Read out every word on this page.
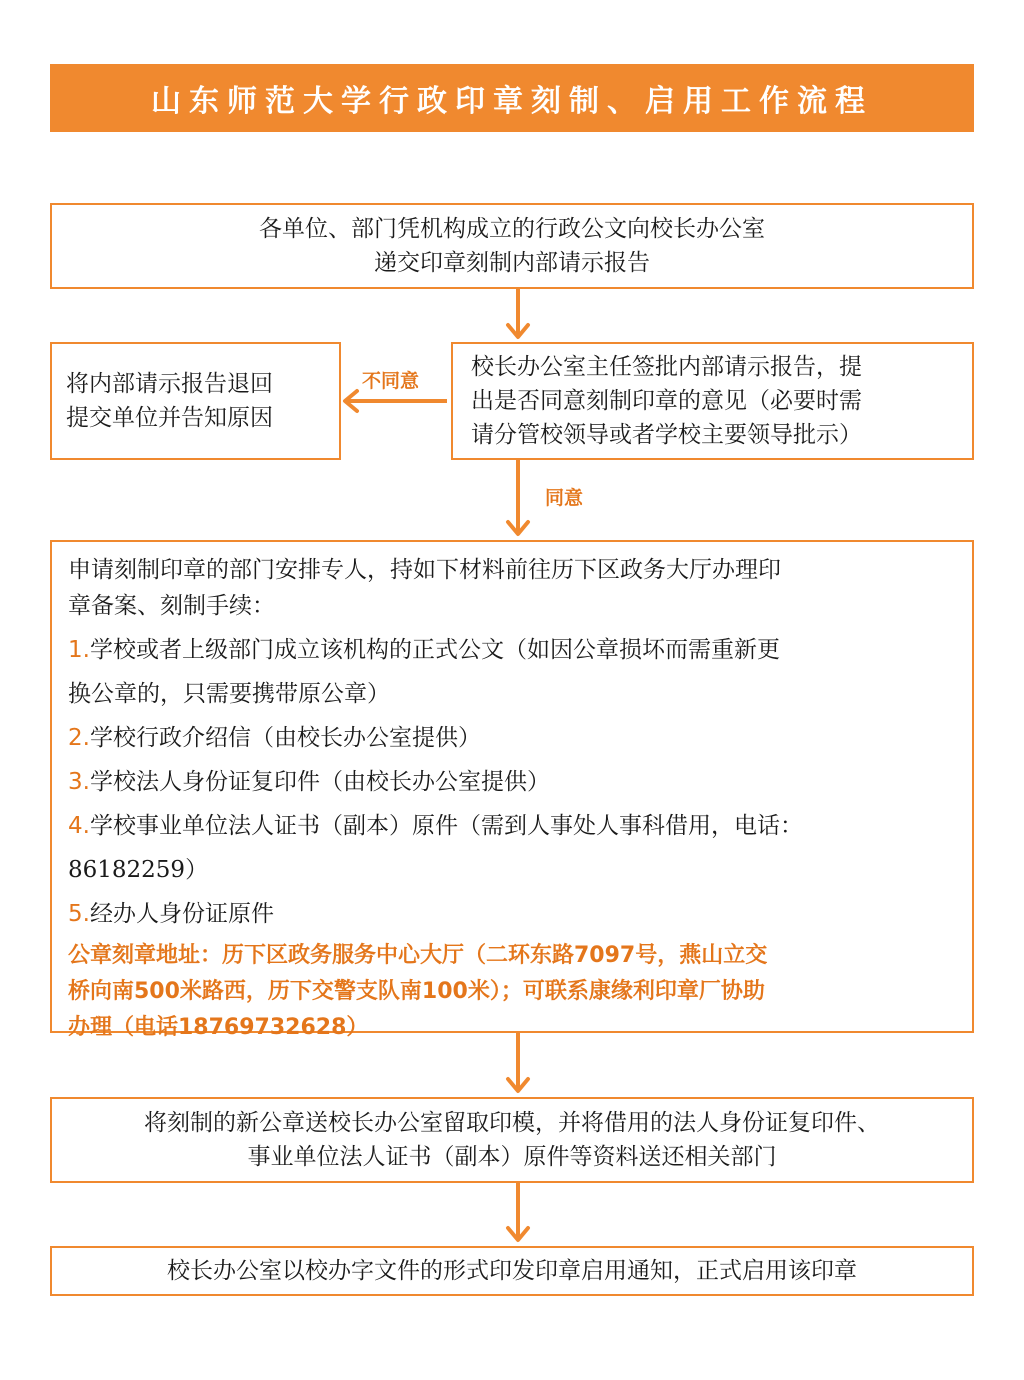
山东师范大学行政印章刻制、启用工作流程
各单位、部门凭机构成立的行政公文向校长办公室
递交印章刻制内部请示报告
将内部请示报告退回
提交单位并告知原因
校长办公室主任签批内部请示报告，提
出是否同意刻制印章的意见（必要时需
请分管校领导或者学校主要领导批示）
不同意
同意
申请刻制印章的部门安排专人，持如下材料前往历下区政务大厅办理印
章备案、刻制手续：
1.学校或者上级部门成立该机构的正式公文（如因公章损坏而需重新更
换公章的，只需要携带原公章）
2.学校行政介绍信（由校长办公室提供）
3.学校法人身份证复印件（由校长办公室提供）
4.学校事业单位法人证书（副本）原件（需到人事处人事科借用，电话：
86182259）
5.经办人身份证原件
公章刻章地址：历下区政务服务中心大厅（二环东路7097号，燕山立交
桥向南500米路西，历下交警支队南100米）；可联系康缘利印章厂协助
办理（电话18769732628）
将刻制的新公章送校长办公室留取印模，并将借用的法人身份证复印件、
事业单位法人证书（副本）原件等资料送还相关部门
校长办公室以校办字文件的形式印发印章启用通知，正式启用该印章
